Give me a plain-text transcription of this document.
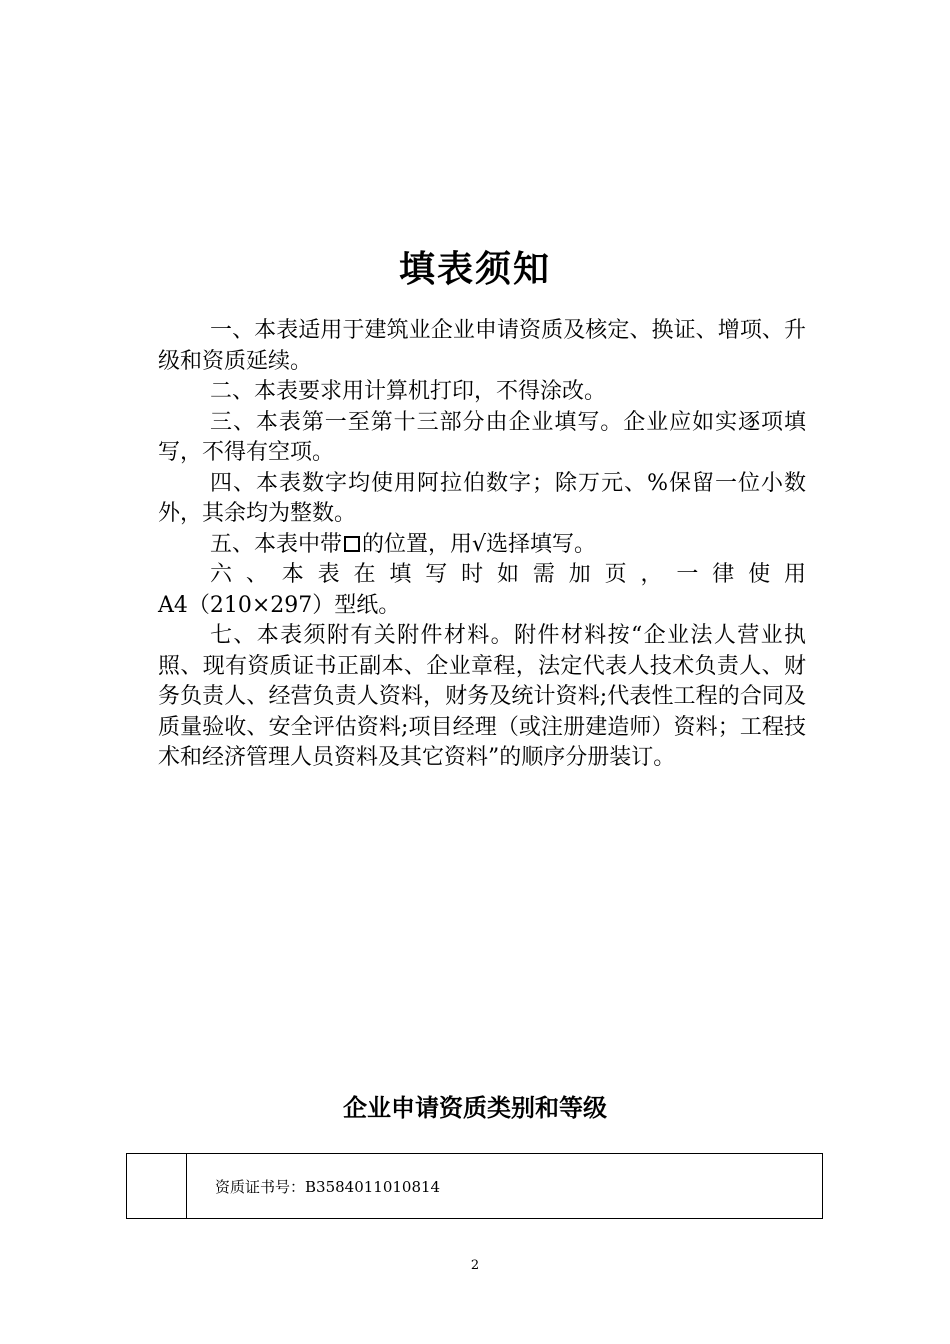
填表须知

一、本表适用于建筑业企业申请资质及核定、换证、增项、升级和资质延续。

二、本表要求用计算机打印，不得涂改。

三、本表第一至第十三部分由企业填写。企业应如实逐项填写，不得有空项。

四、本表数字均使用阿拉伯数字；除万元、%保留一位小数外，其余均为整数。

五、本表中带 的位置，用√选择填写。

六、本表在填写时如需加页，一律使用

A4（210×297）型纸。

七、本表须附有关附件材料。附件材料按“企业法人营业执照、现有资质证书正副本、企业章程，法定代表人技术负责人、财务负责人、经营负责人资料，财务及统计资料;代表性工程的合同及质量验收、安全评估资料;项目经理（或注册建造师）资料；工程技术和经济管理人员资料及其它资料”的顺序分册装订。

企业申请资质类别和等级
资质证书号：B3584011010814
2
